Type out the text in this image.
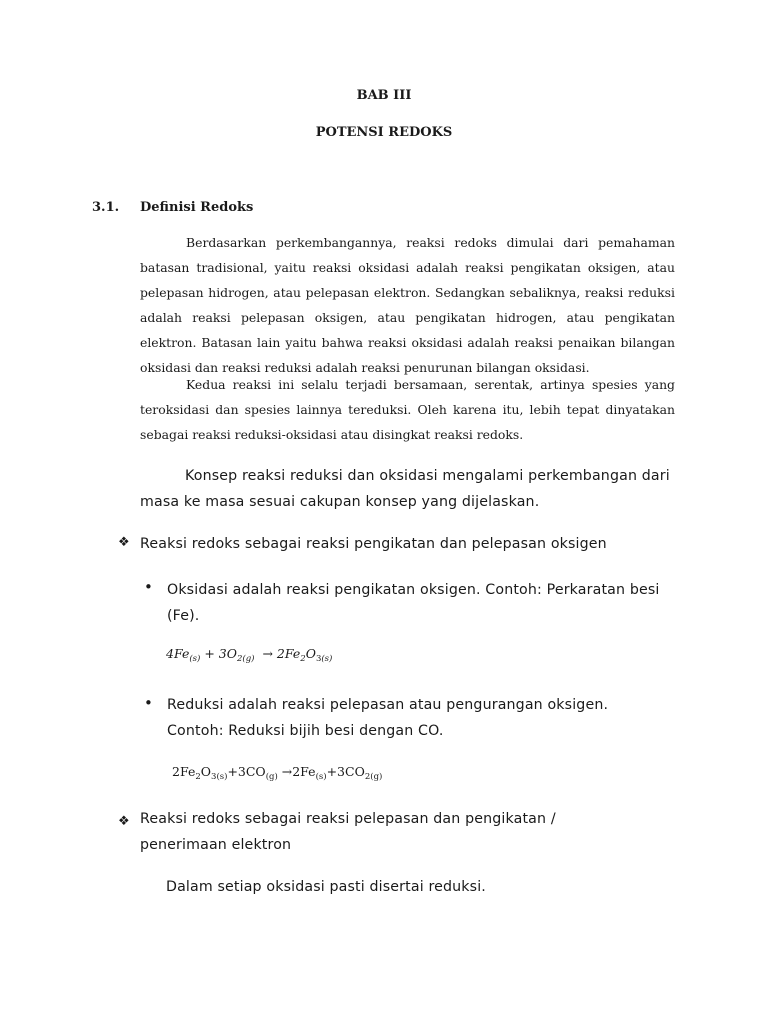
BAB III
POTENSI REDOKS
3.1. Definisi Redoks
Berdasarkan perkembangannya, reaksi redoks dimulai dari pemahaman batasan tradisional, yaitu reaksi oksidasi adalah reaksi pengikatan oksigen, atau pelepasan hidrogen, atau pelepasan elektron. Sedangkan sebaliknya, reaksi reduksi adalah reaksi pelepasan oksigen, atau pengikatan hidrogen, atau pengikatan elektron. Batasan lain yaitu bahwa reaksi oksidasi adalah reaksi penaikan bilangan oksidasi dan reaksi reduksi adalah reaksi penurunan bilangan oksidasi.
Kedua reaksi ini selalu terjadi bersamaan, serentak, artinya spesies yang teroksidasi dan spesies lainnya tereduksi. Oleh karena itu, lebih tepat dinyatakan sebagai reaksi reduksi-oksidasi atau disingkat reaksi redoks.
Konsep reaksi reduksi dan oksidasi mengalami perkembangan dari masa ke masa sesuai cakupan konsep yang dijelaskan.
❖ Reaksi redoks sebagai reaksi pengikatan dan pelepasan oksigen
• Oksidasi adalah reaksi pengikatan oksigen. Contoh: Perkaratan besi (Fe).
$4Fe_{(s)} + 3O_{2(g)} \to 2Fe_2O_{3(s)}$
• Reduksi adalah reaksi pelepasan atau pengurangan oksigen. Contoh: Reduksi bijih besi dengan CO.
$2Fe_2O_{3(s)}+3CO_{(g)} \to 2Fe_{(s)}+3CO_{2(g)}$
❖ Reaksi redoks sebagai reaksi pelepasan dan pengikatan / penerimaan elektron
Dalam setiap oksidasi pasti disertai reduksi.
